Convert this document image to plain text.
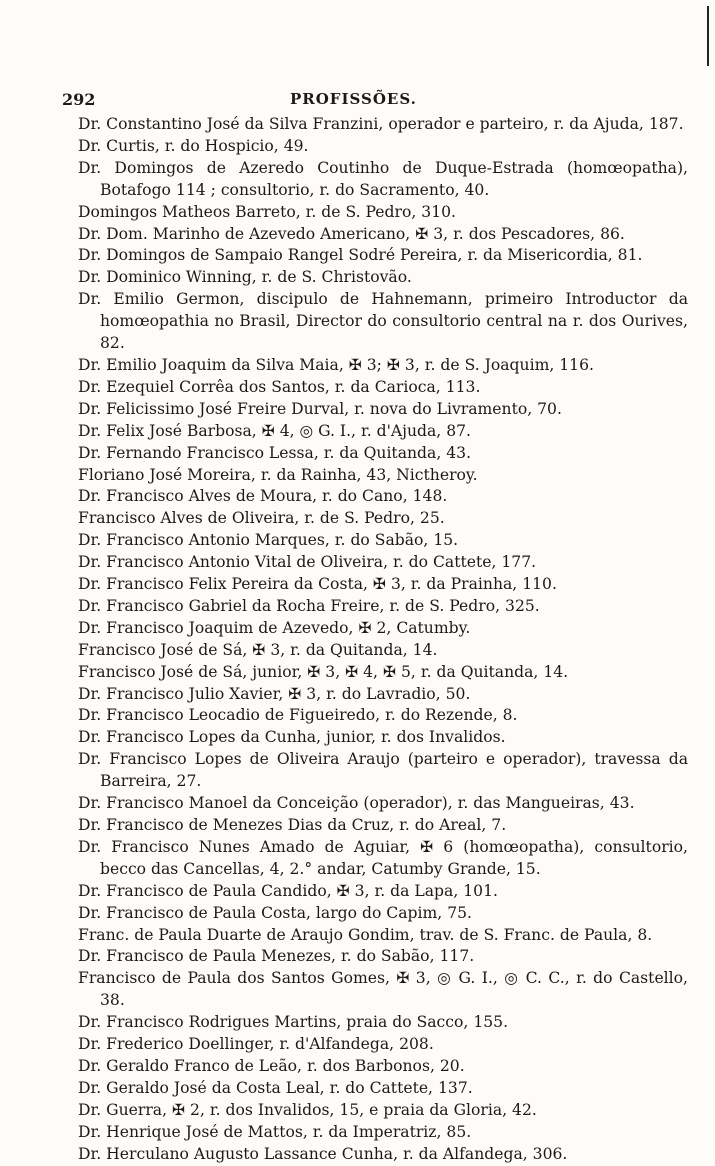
292	PROFISSÕES.

Dr. Constantino José da Silva Franzini, operador e parteiro, r. da Ajuda, 187.

Dr. Curtis, r. do Hospicio, 49.

Dr. Domingos de Azeredo Coutinho de Duque-Estrada (homœopatha), Botafogo 114 ; consultorio, r. do Sacramento, 40.

Domingos Matheos Barreto, r. de S. Pedro, 310.

Dr. Dom. Marinho de Azevedo Americano, ✠ 3, r. dos Pescadores, 86.

Dr. Domingos de Sampaio Rangel Sodré Pereira, r. da Misericordia, 81.

Dr. Dominico Winning, r. de S. Christovão.

Dr. Emilio Germon, discipulo de Hahnemann, primeiro Introductor da homœopathia no Brasil, Director do consultorio central na r. dos Ourives, 82.

Dr. Emilio Joaquim da Silva Maia, ✠ 3; ✠ 3, r. de S. Joaquim, 116.

Dr. Ezequiel Corrêa dos Santos, r. da Carioca, 113.

Dr. Felicissimo José Freire Durval, r. nova do Livramento, 70.

Dr. Felix José Barbosa, ✠ 4, ◎ G. I., r. d'Ajuda, 87.

Dr. Fernando Francisco Lessa, r. da Quitanda, 43.

Floriano José Moreira, r. da Rainha, 43, Nictheroy.

Dr. Francisco Alves de Moura, r. do Cano, 148.

Francisco Alves de Oliveira, r. de S. Pedro, 25.

Dr. Francisco Antonio Marques, r. do Sabão, 15.

Dr. Francisco Antonio Vital de Oliveira, r. do Cattete, 177.

Dr. Francisco Felix Pereira da Costa, ✠ 3, r. da Prainha, 110.

Dr. Francisco Gabriel da Rocha Freire, r. de S. Pedro, 325.

Dr. Francisco Joaquim de Azevedo, ✠ 2, Catumby.

Francisco José de Sá, ✠ 3, r. da Quitanda, 14.

Francisco José de Sá, junior, ✠ 3, ✠ 4, ✠ 5, r. da Quitanda, 14.

Dr. Francisco Julio Xavier, ✠ 3, r. do Lavradio, 50.

Dr. Francisco Leocadio de Figueiredo, r. do Rezende, 8.

Dr. Francisco Lopes da Cunha, junior, r. dos Invalidos.

Dr. Francisco Lopes de Oliveira Araujo (parteiro e operador), travessa da Barreira, 27.

Dr. Francisco Manoel da Conceição (operador), r. das Mangueiras, 43.

Dr. Francisco de Menezes Dias da Cruz, r. do Areal, 7.

Dr. Francisco Nunes Amado de Aguiar, ✠ 6 (homœopatha), consultorio, becco das Cancellas, 4, 2.° andar, Catumby Grande, 15.

Dr. Francisco de Paula Candido, ✠ 3, r. da Lapa, 101.

Dr. Francisco de Paula Costa, largo do Capim, 75.

Franc. de Paula Duarte de Araujo Gondim, trav. de S. Franc. de Paula, 8.

Dr. Francisco de Paula Menezes, r. do Sabão, 117.

Francisco de Paula dos Santos Gomes, ✠ 3, ◎ G. I., ◎ C. C., r. do Castello, 38.

Dr. Francisco Rodrigues Martins, praia do Sacco, 155.

Dr. Frederico Doellinger, r. d'Alfandega, 208.

Dr. Geraldo Franco de Leão, r. dos Barbonos, 20.

Dr. Geraldo José da Costa Leal, r. do Cattete, 137.

Dr. Guerra, ✠ 2, r. dos Invalidos, 15, e praia da Gloria, 42.

Dr. Henrique José de Mattos, r. da Imperatriz, 85.

Dr. Herculano Augusto Lassance Cunha, r. da Alfandega, 306.
